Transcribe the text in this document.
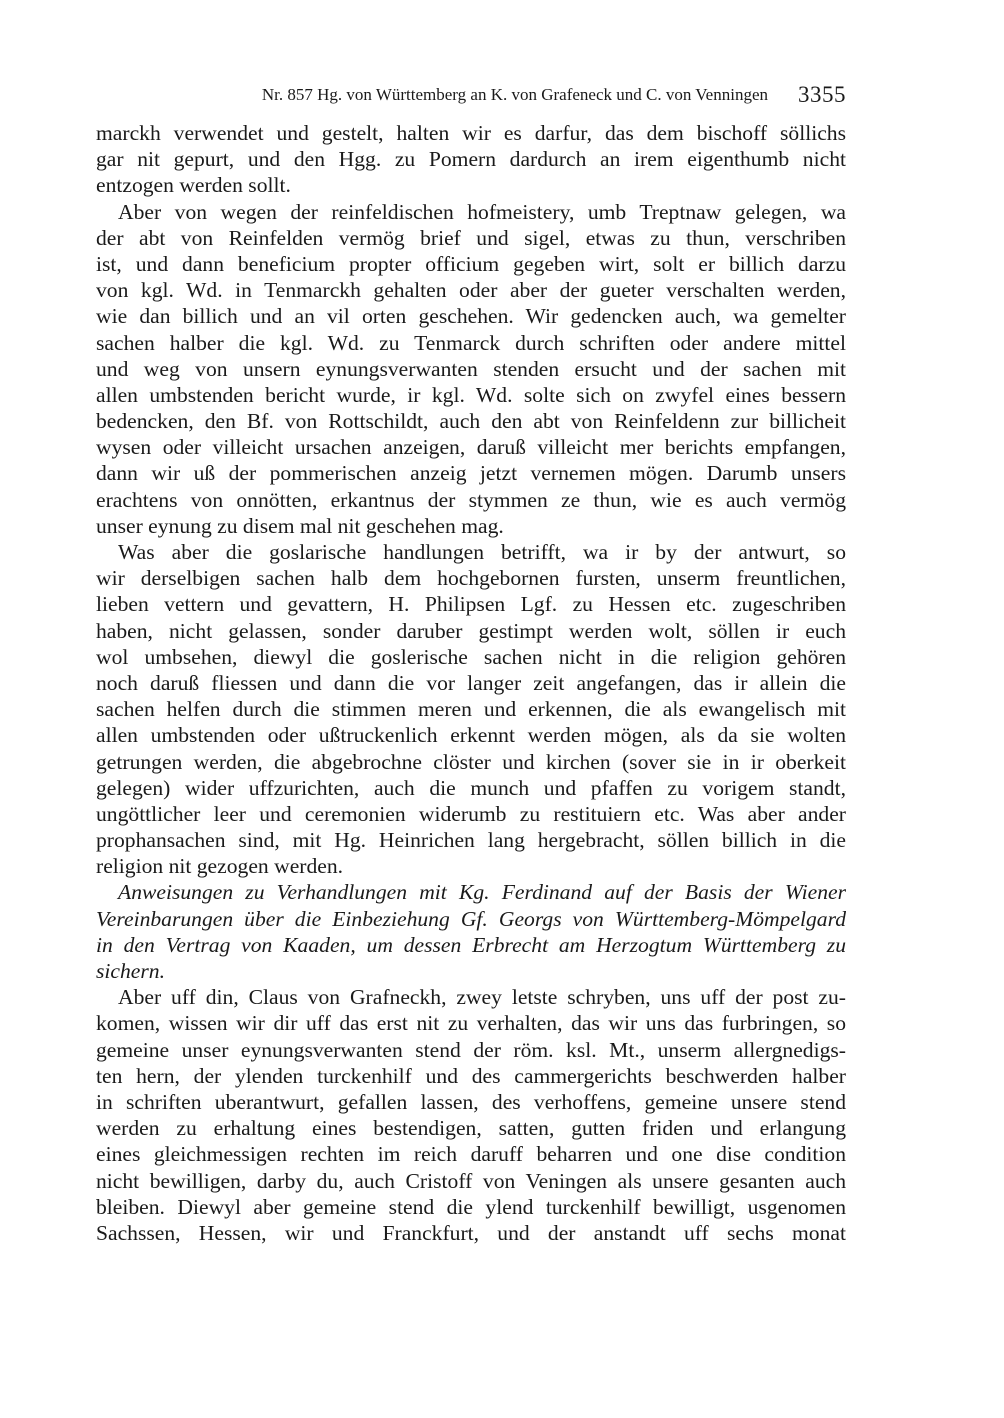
Nr. 857 Hg. von Württemberg an K. von Grafeneck und C. von Venningen 3355
marckh verwendet und gestelt, halten wir es darfur, das dem bischoff söllichs
gar nit gepurt, und den Hgg. zu Pomern dardurch an irem eigenthumb nicht
entzogen werden sollt.
Aber von wegen der reinfeldischen hofmeistery, umb Treptnaw gelegen, wa
der abt von Reinfelden vermög brief und sigel, etwas zu thun, verschriben
ist, und dann beneficium propter officium gegeben wirt, solt er billich darzu
von kgl. Wd. in Tenmarckh gehalten oder aber der gueter verschalten werden,
wie dan billich und an vil orten geschehen. Wir gedencken auch, wa gemelter
sachen halber die kgl. Wd. zu Tenmarck durch schriften oder andere mittel
und weg von unsern eynungsverwanten stenden ersucht und der sachen mit
allen umbstenden bericht wurde, ir kgl. Wd. solte sich on zwyfel eines bessern
bedencken, den Bf. von Rottschildt, auch den abt von Reinfeldenn zur billicheit
wysen oder villeicht ursachen anzeigen, daruß villeicht mer berichts empfangen,
dann wir uß der pommerischen anzeig jetzt vernemen mögen. Darumb unsers
erachtens von onnötten, erkantnus der stymmen ze thun, wie es auch vermög
unser eynung zu disem mal nit geschehen mag.
Was aber die goslarische handlungen betrifft, wa ir by der antwurt, so
wir derselbigen sachen halb dem hochgebornen fursten, unserm freuntlichen,
lieben vettern und gevattern, H. Philipsen Lgf. zu Hessen etc. zugeschriben
haben, nicht gelassen, sonder daruber gestimpt werden wolt, söllen ir euch
wol umbsehen, diewyl die goslerische sachen nicht in die religion gehören
noch daruß fliessen und dann die vor langer zeit angefangen, das ir allein die
sachen helfen durch die stimmen meren und erkennen, die als ewangelisch mit
allen umbstenden oder ußtruckenlich erkennt werden mögen, als da sie wolten
getrungen werden, die abgebrochne clöster und kirchen (sover sie in ir oberkeit
gelegen) wider uffzurichten, auch die munch und pfaffen zu vorigem standt,
ungöttlicher leer und ceremonien widerumb zu restituiern etc. Was aber ander
prophansachen sind, mit Hg. Heinrichen lang hergebracht, söllen billich in die
religion nit gezogen werden.
Anweisungen zu Verhandlungen mit Kg. Ferdinand auf der Basis der Wiener
Vereinbarungen über die Einbeziehung Gf. Georgs von Württemberg-Mömpelgard
in den Vertrag von Kaaden, um dessen Erbrecht am Herzogtum Württemberg zu
sichern.
Aber uff din, Claus von Grafneckh, zwey letste schryben, uns uff der post zu-
komen, wissen wir dir uff das erst nit zu verhalten, das wir uns das furbringen, so
gemeine unser eynungsverwanten stend der röm. ksl. Mt., unserm allergnedigs-
ten hern, der ylenden turckenhilf und des cammergerichts beschwerden halber
in schriften uberantwurt, gefallen lassen, des verhoffens, gemeine unsere stend
werden zu erhaltung eines bestendigen, satten, gutten friden und erlangung
eines gleichmessigen rechten im reich daruff beharren und one dise condition
nicht bewilligen, darby du, auch Cristoff von Veningen als unsere gesanten auch
bleiben. Diewyl aber gemeine stend die ylend turckenhilf bewilligt, usgenomen
Sachssen, Hessen, wir und Franckfurt, und der anstandt uff sechs monat
